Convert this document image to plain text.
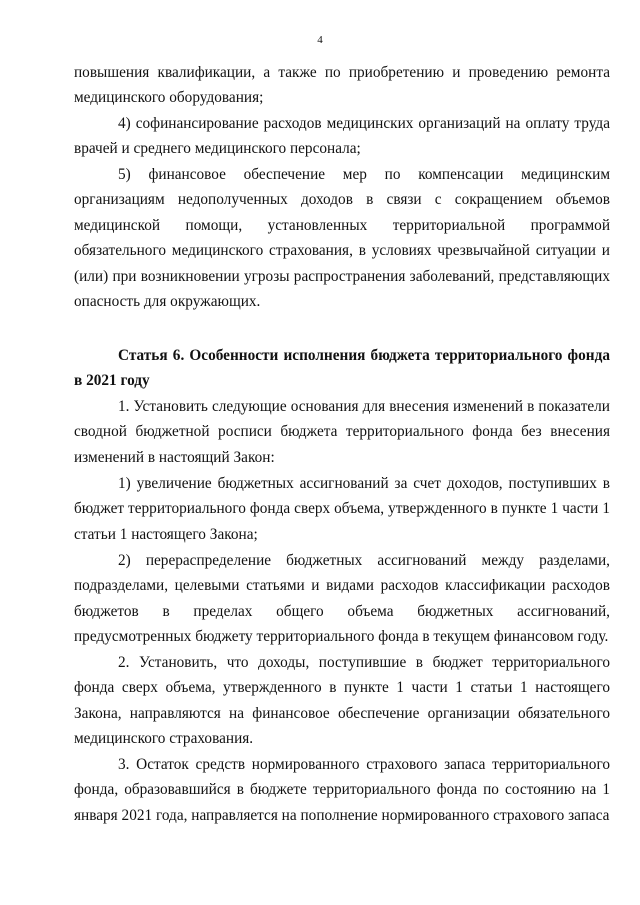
4

повышения квалификации, а также по приобретению и проведению ремонта медицинского оборудования;

4) софинансирование расходов медицинских организаций на оплату труда врачей и среднего медицинского персонала;

5) финансовое обеспечение мер по компенсации медицинским организациям недополученных доходов в связи с сокращением объемов медицинской помощи, установленных территориальной программой обязательного медицинского страхования, в условиях чрезвычайной ситуации и (или) при возникновении угрозы распространения заболеваний, представляющих опасность для окружающих.

Статья 6. Особенности исполнения бюджета территориального фонда в 2021 году

1. Установить следующие основания для внесения изменений в показатели сводной бюджетной росписи бюджета территориального фонда без внесения изменений в настоящий Закон:

1) увеличение бюджетных ассигнований за счет доходов, поступивших в бюджет территориального фонда сверх объема, утвержденного в пункте 1 части 1 статьи 1 настоящего Закона;

2) перераспределение бюджетных ассигнований между разделами, подразделами, целевыми статьями и видами расходов классификации расходов бюджетов в пределах общего объема бюджетных ассигнований, предусмотренных бюджету территориального фонда в текущем финансовом году.

2. Установить, что доходы, поступившие в бюджет территориального фонда сверх объема, утвержденного в пункте 1 части 1 статьи 1 настоящего Закона, направляются на финансовое обеспечение организации обязательного медицинского страхования.

3. Остаток средств нормированного страхового запаса территориального фонда, образовавшийся в бюджете территориального фонда по состоянию на 1 января 2021 года, направляется на пополнение нормированного страхового запаса
